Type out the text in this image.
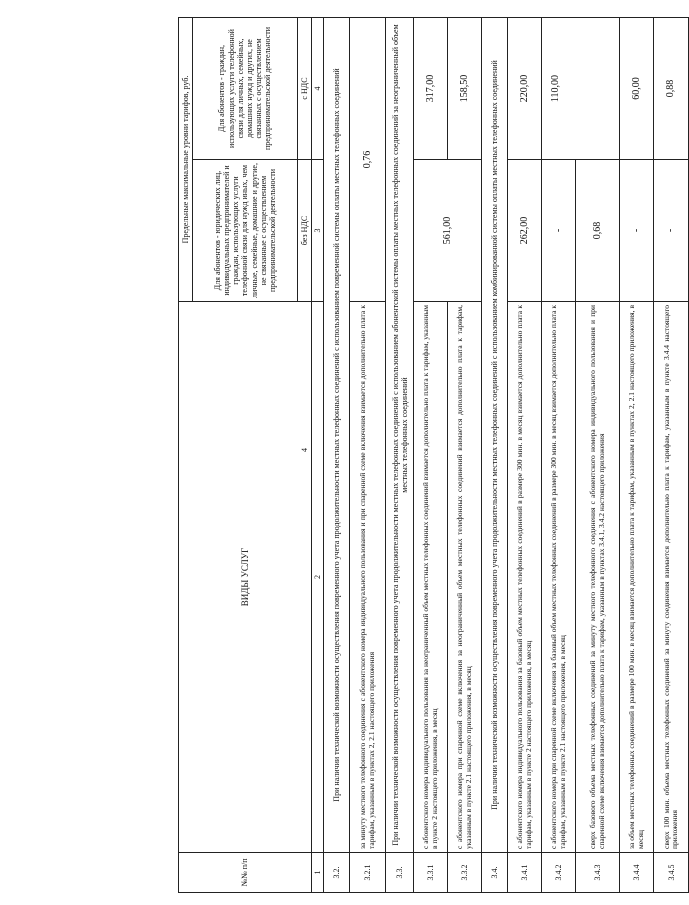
4
№№ п/п	ВИДЫ УСЛУГ	Предельные максимальные уровни тарифов, руб.	
		Для абонентов - юридических лиц, индивидуальных предпринимателей и граждан, использующих услуги телефонной связи для нужд иных, чем личные, семейные, домашние и другие, не связанные с осуществлением предпринимательской деятельности	Для абонентов - граждан, использующих услуги телефонной связи для личных, семейных, домашних нужд и других, не связанных с осуществлением предпринимательской деятельности
		без НДС	с НДС
1	2	3	4
3.2.	При наличии технической возможности осуществления повременного учета продолжительности местных телефонных соединений с использованием повременной системы оплаты местных телефонных соединений		
3.2.1	за минуту местного телефонного соединения с абонентского номера индивидуального пользования и при спаренной схеме включения взимается дополнительно плата к тарифам, указанным в пунктах 2, 2.1 настоящего приложения	0,76	
3.3.	При наличии технической возможности осуществления повременного учета продолжительности местных телефонных соединений с использованием абонентской системы оплаты местных телефонных соединений за неограниченный объем местных телефонных соединений		
3.3.1	с абонентского номера индивидуального пользования за неограниченный объем местных телефонных соединений взимается дополнительно плата к тарифам, указанным в пункте 2 настоящего приложения, в месяц	561,00	317,00
3.3.2	с абонентского номера при спаренной схеме включения за неограниченный объем местных телефонных соединений взимается дополнительно плата к тарифам, указанным в пункте 2.1 настоящего приложения, в месяц		158,50
3.4.	При наличии технической возможности осуществления повременного учета продолжительности местных телефонных соединений с использованием комбинированной системы оплаты местных телефонных соединений		
3.4.1	с абонентского номера индивидуального пользования за базовый объем местных телефонных соединений в размере 300 мин. в месяц взимается дополнительно плата к тарифам, указанным в пункте 2 настоящего приложения, в месяц	262,00	220,00
3.4.2	с абонентского номера при спаренной схеме включения за базовый объем местных телефонных соединений в размере 300 мин. в месяц взимается дополнительно плата к тарифам, указанным в пункте 2.1 настоящего приложения, в месяц	-	110,00
3.4.3	сверх базового объема местных телефонных соединений за минуту местного телефонного соединения с абонентского номера индивидуального пользования и при спаренной схеме включения взимается дополнительно плата к тарифам, указанным в пунктах 3.4.1, 3.4.2 настоящего приложения	0,68	
3.4.4	за объем местных телефонных соединений в размере 100 мин. в месяц взимается дополнительно плата к тарифам, указанным в пунктах 2, 2.1 настоящего приложения, в месяц	-	60,00
3.4.5	сверх 100 мин. объема местных телефонных соединений за минуту соединения взимается дополнительно плата к тарифам, указанным в пункте 3.4.4 настоящего приложения	-	0,88
